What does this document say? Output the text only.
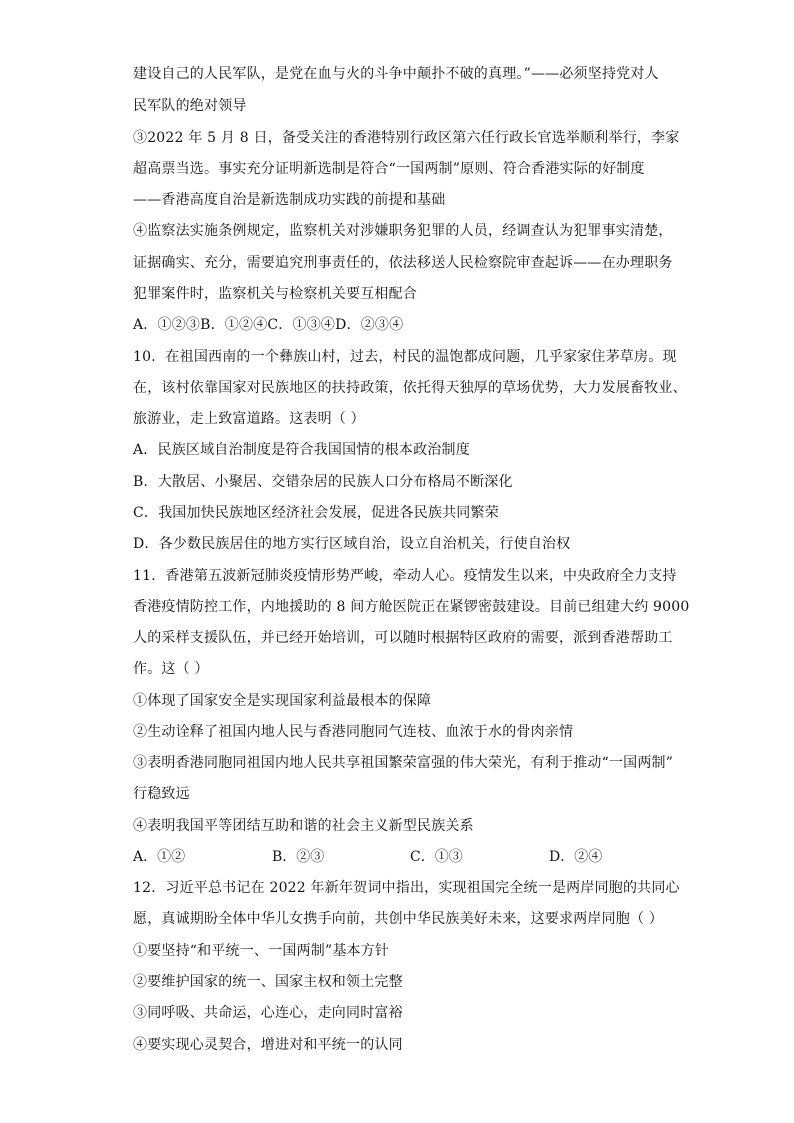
建设自己的人民军队，是党在血与火的斗争中颠扑不破的真理。”——必须坚持党对人
民军队的绝对领导
③2022 年 5 月 8 日，备受关注的香港特别行政区第六任行政长官选举顺利举行，李家
超高票当选。事实充分证明新选制是符合“一国两制”原则、符合香港实际的好制度
——香港高度自治是新选制成功实践的前提和基础
④监察法实施条例规定，监察机关对涉嫌职务犯罪的人员，经调查认为犯罪事实清楚，
证据确实、充分，需要追究刑事责任的，依法移送人民检察院审查起诉——在办理职务
犯罪案件时，监察机关与检察机关要互相配合
A．①②③B．①②④C．①③④D．②③④
10．在祖国西南的一个彝族山村，过去，村民的温饱都成问题，几乎家家住茅草房。现
在，该村依靠国家对民族地区的扶持政策，依托得天独厚的草场优势，大力发展畜牧业、
旅游业，走上致富道路。这表明（ ）
A．民族区域自治制度是符合我国国情的根本政治制度
B．大散居、小聚居、交错杂居的民族人口分布格局不断深化
C．我国加快民族地区经济社会发展，促进各民族共同繁荣
D．各少数民族居住的地方实行区域自治，设立自治机关，行使自治权
11．香港第五波新冠肺炎疫情形势严峻，牵动人心。疫情发生以来，中央政府全力支持
香港疫情防控工作，内地援助的 8 间方舱医院正在紧锣密鼓建设。目前已组建大约 9000
人的采样支援队伍，并已经开始培训，可以随时根据特区政府的需要，派到香港帮助工
作。这（ ）
①体现了国家安全是实现国家利益最根本的保障
②生动诠释了祖国内地人民与香港同胞同气连枝、血浓于水的骨肉亲情
③表明香港同胞同祖国内地人民共享祖国繁荣富强的伟大荣光，有利于推动“一国两制”
行稳致远
④表明我国平等团结互助和谐的社会主义新型民族关系
A．①②	B．②③	C．①③	D．②④
12．习近平总书记在 2022 年新年贺词中指出，实现祖国完全统一是两岸同胞的共同心
愿，真诚期盼全体中华儿女携手向前，共创中华民族美好未来，这要求两岸同胞（ ）
①要坚持“和平统一、一国两制”基本方针
②要维护国家的统一、国家主权和领土完整
③同呼吸、共命运，心连心，走向同时富裕
④要实现心灵契合，增进对和平统一的认同
